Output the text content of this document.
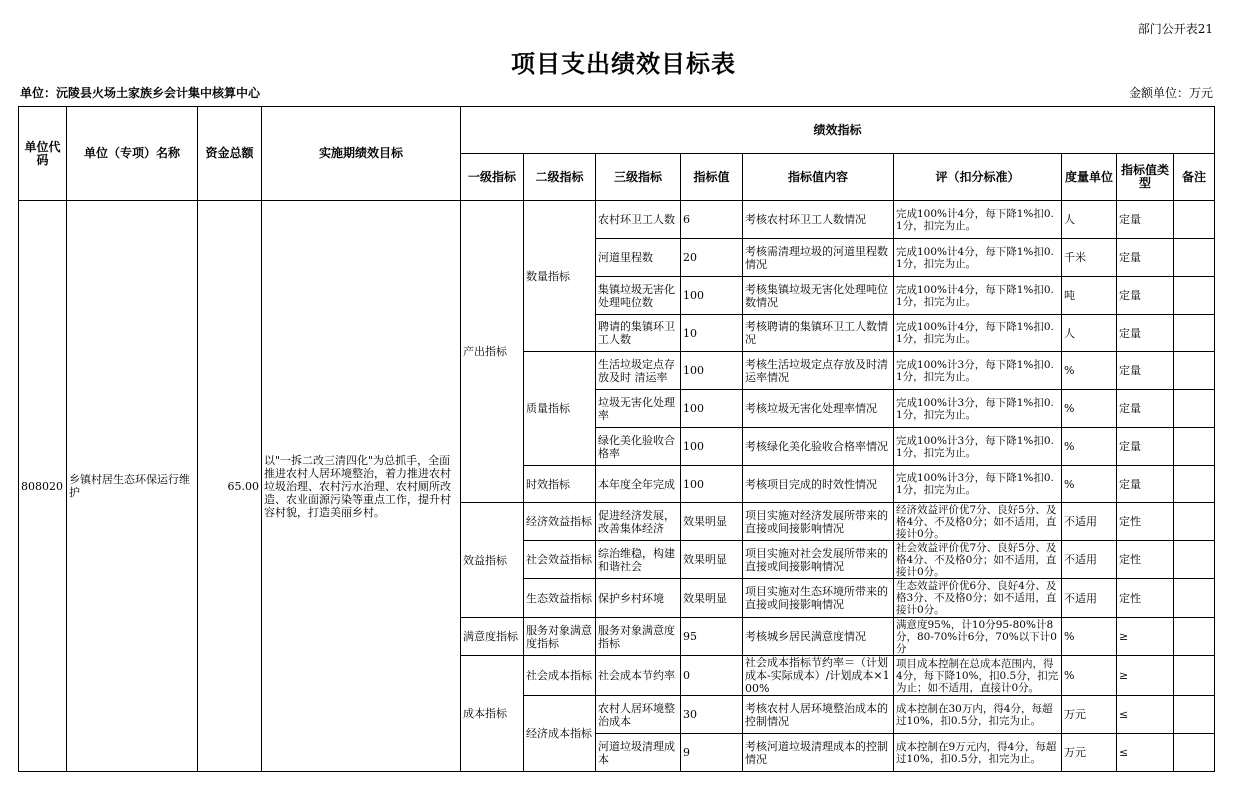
部门公开表21
项目支出绩效目标表
单位：沅陵县火场土家族乡会计集中核算中心	金额单位：万元
单位代码	单位（专项）名称	资金总额	实施期绩效目标	绩效指标								
				一级指标	二级指标	三级指标	指标值	指标值内容	评（扣分标准）	度量单位	指标值类型	备注
808020	乡镇村居生态环保运行维护	65.00	以"一拆二改三清四化"为总抓手，全面推进农村人居环境整治，着力推进农村垃圾治理、农村污水治理、农村厕所改造、农业面源污染等重点工作，提升村容村貌，打造美丽乡村。	产出指标	数量指标	农村环卫工人数	6	考核农村环卫工人数情况	完成100%计4分，每下降1%扣0.1分，扣完为止。	人	定量	
						河道里程数	20	考核需清理垃圾的河道里程数情况	完成100%计4分，每下降1%扣0.1分，扣完为止。	千米	定量	
						集镇垃圾无害化处理吨位数	100	考核集镇垃圾无害化处理吨位数情况	完成100%计4分，每下降1%扣0.1分，扣完为止。	吨	定量	
						聘请的集镇环卫工人数	10	考核聘请的集镇环卫工人数情况	完成100%计4分，每下降1%扣0.1分，扣完为止。	人	定量	
					质量指标	生活垃圾定点存放及时 清运率	100	考核生活垃圾定点存放及时清运率情况	完成100%计3分，每下降1%扣0.1分，扣完为止。	%	定量	
						垃圾无害化处理率	100	考核垃圾无害化处理率情况	完成100%计3分，每下降1%扣0.1分，扣完为止。	%	定量	
						绿化美化验收合格率	100	考核绿化美化验收合格率情况	完成100%计3分，每下降1%扣0.1分，扣完为止。	%	定量	
					时效指标	本年度全年完成	100	考核项目完成的时效性情况	完成100%计3分，每下降1%扣0.1分，扣完为止。	%	定量	
				效益指标	经济效益指标	促进经济发展，改善集体经济	效果明显	项目实施对经济发展所带来的直接或间接影响情况	经济效益评价优7分、良好5分、及格4分、不及格0分；如不适用，直接计0分。	不适用	定性	
					社会效益指标	综治维稳，构建和谐社会	效果明显	项目实施对社会发展所带来的直接或间接影响情况	社会效益评价优7分、良好5分、及格4分、不及格0分；如不适用，直接计0分。	不适用	定性	
					生态效益指标	保护乡村环境	效果明显	项目实施对生态环境所带来的直接或间接影响情况	生态效益评价优6分、良好4分、及格3分、不及格0分；如不适用，直接计0分。	不适用	定性	
				满意度指标	服务对象满意度指标	服务对象满意度指标	95	考核城乡居民满意度情况	满意度95%，计10分95-80%计8分，80-70%计6分，70%以下计0分	%	≥	
				成本指标	社会成本指标	社会成本节约率	0	社会成本指标节约率＝（计划成本-实际成本）/计划成本×100%	项目成本控制在总成本范围内，得4分，每下降10%，扣0.5分，扣完为止；如不适用，直接计0分。	%	≥	
					经济成本指标	农村人居环境整治成本	30	考核农村人居环境整治成本的控制情况	成本控制在30万内，得4分，每超过10%，扣0.5分，扣完为止。	万元	≤	
						河道垃圾清理成本	9	考核河道垃圾清理成本的控制情况	成本控制在9万元内，得4分，每超过10%，扣0.5分，扣完为止。	万元	≤	
